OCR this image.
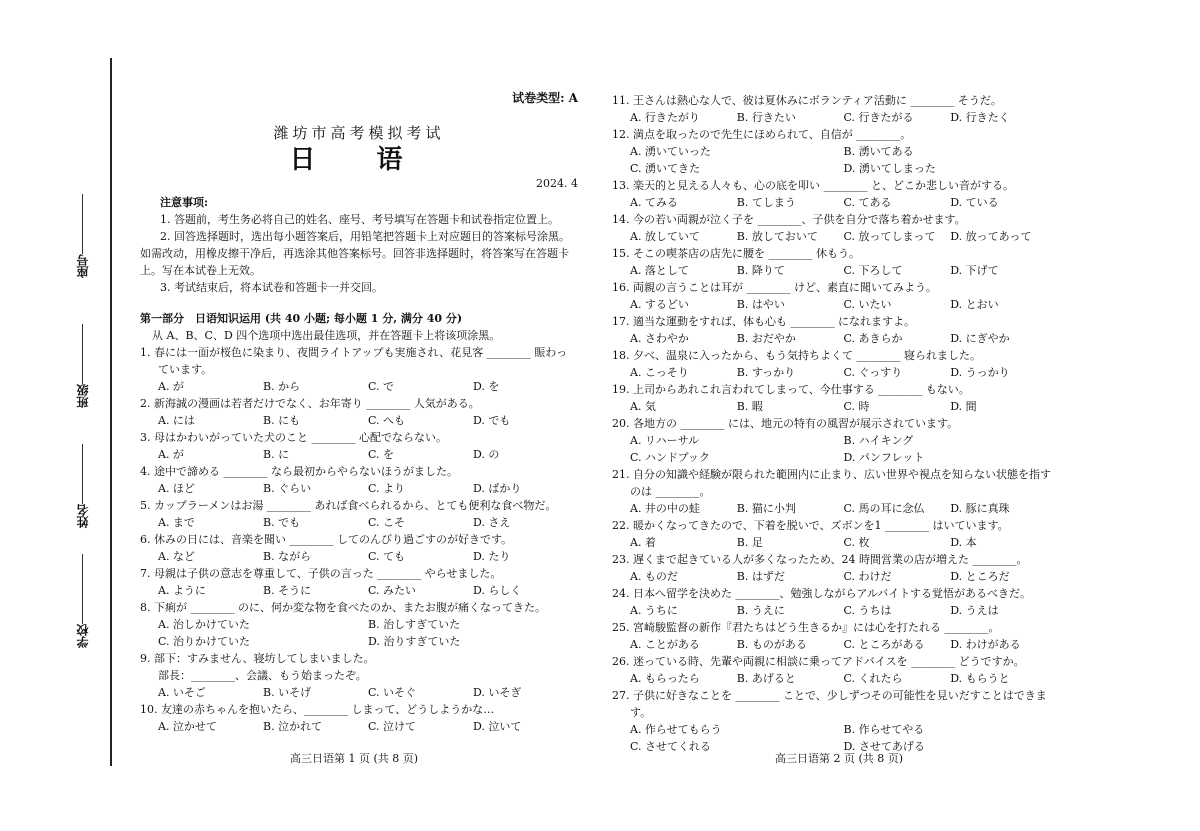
座号
班级
姓名
学校
试卷类型: A
潍坊市高考模拟考试
日 语
2024. 4
注意事项:
1. 答题前，考生务必将自己的姓名、座号、考号填写在答题卡和试卷指定位置上。
2. 回答选择题时，选出每小题答案后，用铅笔把答题卡上对应题目的答案标号涂黑。如需改动，用橡皮擦干净后，再选涂其他答案标号。回答非选择题时，将答案写在答题卡上。写在本试卷上无效。
3. 考试结束后，将本试卷和答题卡一并交回。
第一部分　日语知识运用 (共 40 小题; 每小题 1 分, 满分 40 分)
从 A、B、C、D 四个选项中选出最佳选项，并在答题卡上将该项涂黑。
1. 春には一面が桜色に染まり、夜間ライトアップも実施され、花見客 ________ 賑わっています。
A. が	B. から	C. で	D. を
2. 新海誠の漫画は若者だけでなく、お年寄り ________ 人気がある。
A. には	B. にも	C. へも	D. でも
3. 母はかわいがっていた犬のこと ________ 心配でならない。
A. が	B. に	C. を	D. の
4. 途中で諦める ________ なら最初からやらないほうがました。
A. ほど	B. ぐらい	C. より	D. ばかり
5. カップラーメンはお湯 ________ あれば食べられるから、とても便利な食べ物だ。
A. まで	B. でも	C. こそ	D. さえ
6. 休みの日には、音楽を聞い ________ してのんびり過ごすのが好きです。
A. など	B. ながら	C. ても	D. たり
7. 母親は子供の意志を尊重して、子供の言った ________ やらせました。
A. ように	B. そうに	C. みたい	D. らしく
8. 下痢が ________ のに、何か変な物を食べたのか、またお腹が痛くなってきた。
A. 治しかけていた	B. 治しすぎていた
C. 治りかけていた	D. 治りすぎていた
9. 部下：すみません、寝坊してしまいました。
部長：________、会議、もう始まったぞ。
A. いそご	B. いそげ	C. いそぐ	D. いそぎ
10. 友達の赤ちゃんを抱いたら、________ しまって、どうしようかな…
A. 泣かせて	B. 泣かれて	C. 泣けて	D. 泣いて
11. 王さんは熱心な人で、彼は夏休みにボランティア活動に ________ そうだ。
A. 行きたがり	B. 行きたい	C. 行きたがる	D. 行きたく
12. 満点を取ったので先生にほめられて、自信が ________。
A. 湧いていった	B. 湧いてある
C. 湧いてきた	D. 湧いてしまった
13. 楽天的と見える人々も、心の底を叩い ________ と、どこか悲しい音がする。
A. てみる	B. てしまう	C. てある	D. ている
14. 今の若い両親が泣く子を ________、子供を自分で落ち着かせます。
A. 放していて	B. 放しておいて	C. 放ってしまって	D. 放ってあって
15. そこの喫茶店の店先に腰を ________ 休もう。
A. 落として	B. 降りて	C. 下ろして	D. 下げて
16. 両親の言うことは耳が ________ けど、素直に聞いてみよう。
A. するどい	B. はやい	C. いたい	D. とおい
17. 適当な運動をすれば、体も心も ________ になれますよ。
A. さわやか	B. おだやか	C. あきらか	D. にぎやか
18. 夕べ、温泉に入ったから、もう気持ちよくて ________ 寝られました。
A. こっそり	B. すっかり	C. ぐっすり	D. うっかり
19. 上司からあれこれ言われてしまって、今仕事する ________ もない。
A. 気	B. 暇	C. 時	D. 間
20. 各地方の ________ には、地元の特有の風習が展示されています。
A. リハーサル	B. ハイキング
C. ハンドブック	D. パンフレット
21. 自分の知識や経験が限られた範囲内に止まり、広い世界や視点を知らない状態を指すのは ________。
A. 井の中の蛙	B. 猫に小判	C. 馬の耳に念仏	D. 豚に真珠
22. 暖かくなってきたので、下着を脱いで、ズボンを1 ________ はいています。
A. 着	B. 足	C. 枚	D. 本
23. 遅くまで起きている人が多くなったため、24 時間営業の店が増えた ________。
A. ものだ	B. はずだ	C. わけだ	D. ところだ
24. 日本へ留学を決めた ________、勉強しながらアルバイトする覚悟があるべきだ。
A. うちに	B. うえに	C. うちは	D. うえは
25. 宮崎駿監督の新作『君たちはどう生きるか』には心を打たれる ________。
A. ことがある	B. ものがある	C. ところがある	D. わけがある
26. 迷っている時、先輩や両親に相談に乗ってアドバイスを ________ どうですか。
A. もらったら	B. あげると	C. くれたら	D. もらうと
27. 子供に好きなことを ________ ことで、少しずつその可能性を見いだすことはできます。
A. 作らせてもらう	B. 作らせてやる
C. させてくれる	D. させてあげる
高三日语第 1 页 (共 8 页)	高三日语第 2 页 (共 8 页)
